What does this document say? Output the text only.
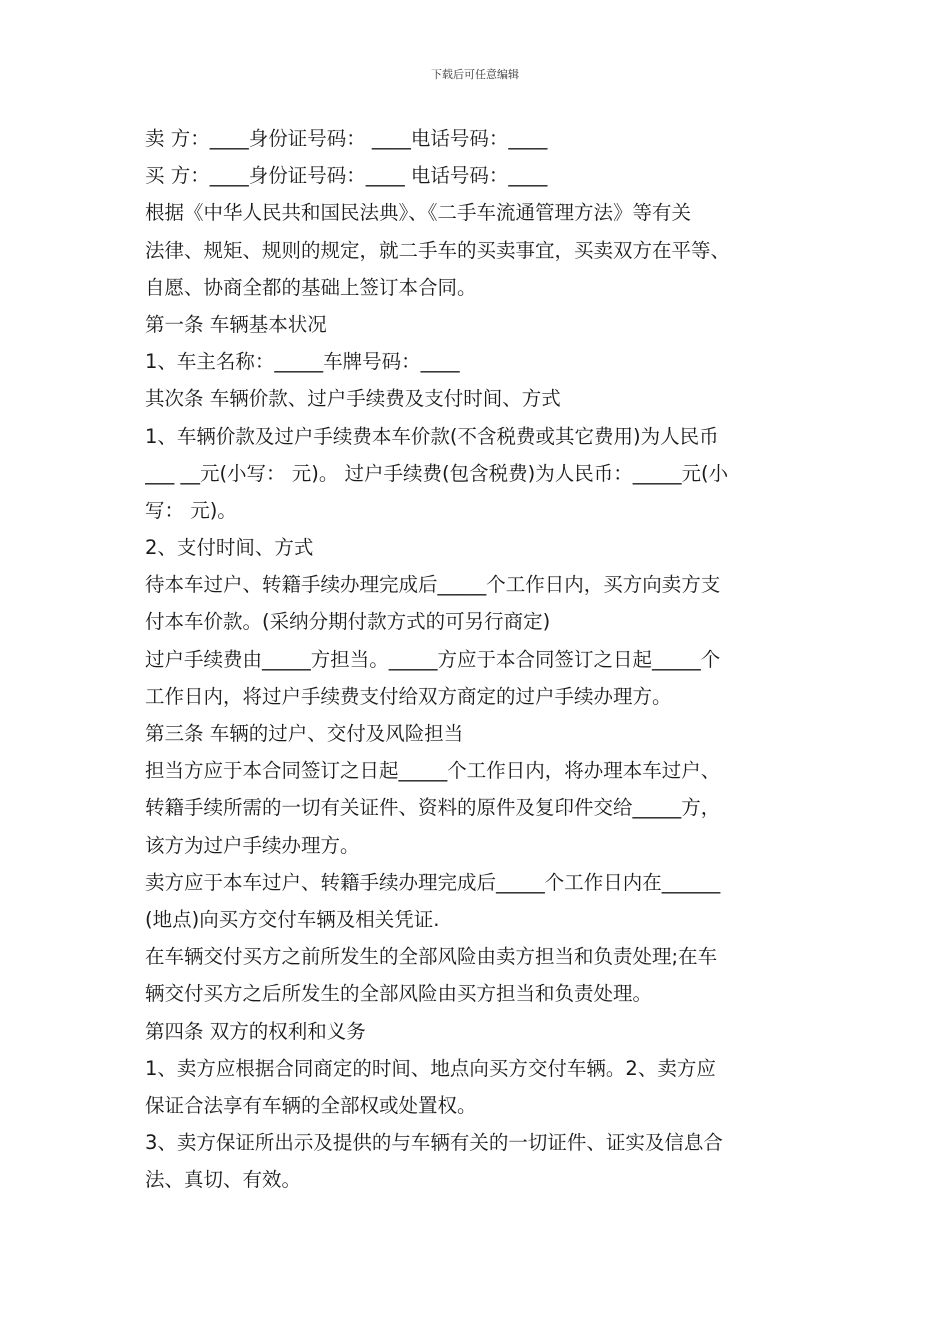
下载后可任意编辑
卖 方：____身份证号码： ____电话号码：____
买 方：____身份证号码：____ 电话号码：____
根据《中华人民共和国民法典》、《二手车流通管理方法》等有关
法律、规矩、规则的规定，就二手车的买卖事宜，买卖双方在平等、
自愿、协商全都的基础上签订本合同。
第一条 车辆基本状况
1、车主名称：_____车牌号码：____
其次条 车辆价款、过户手续费及支付时间、方式
1、车辆价款及过户手续费本车价款(不含税费或其它费用)为人民币
___ __元(小写： 元)。 过户手续费(包含税费)为人民币：_____元(小
写： 元)。
2、支付时间、方式
待本车过户、转籍手续办理完成后_____个工作日内，买方向卖方支
付本车价款。(采纳分期付款方式的可另行商定)
过户手续费由_____方担当。_____方应于本合同签订之日起_____个
工作日内，将过户手续费支付给双方商定的过户手续办理方。
第三条 车辆的过户、交付及风险担当
担当方应于本合同签订之日起_____个工作日内，将办理本车过户、
转籍手续所需的一切有关证件、资料的原件及复印件交给_____方，
该方为过户手续办理方。
卖方应于本车过户、转籍手续办理完成后_____个工作日内在______
(地点)向买方交付车辆及相关凭证.
在车辆交付买方之前所发生的全部风险由卖方担当和负责处理;在车
辆交付买方之后所发生的全部风险由买方担当和负责处理。
第四条 双方的权利和义务
1、卖方应根据合同商定的时间、地点向买方交付车辆。2、卖方应
保证合法享有车辆的全部权或处置权。
3、卖方保证所出示及提供的与车辆有关的一切证件、证实及信息合
法、真切、有效。
